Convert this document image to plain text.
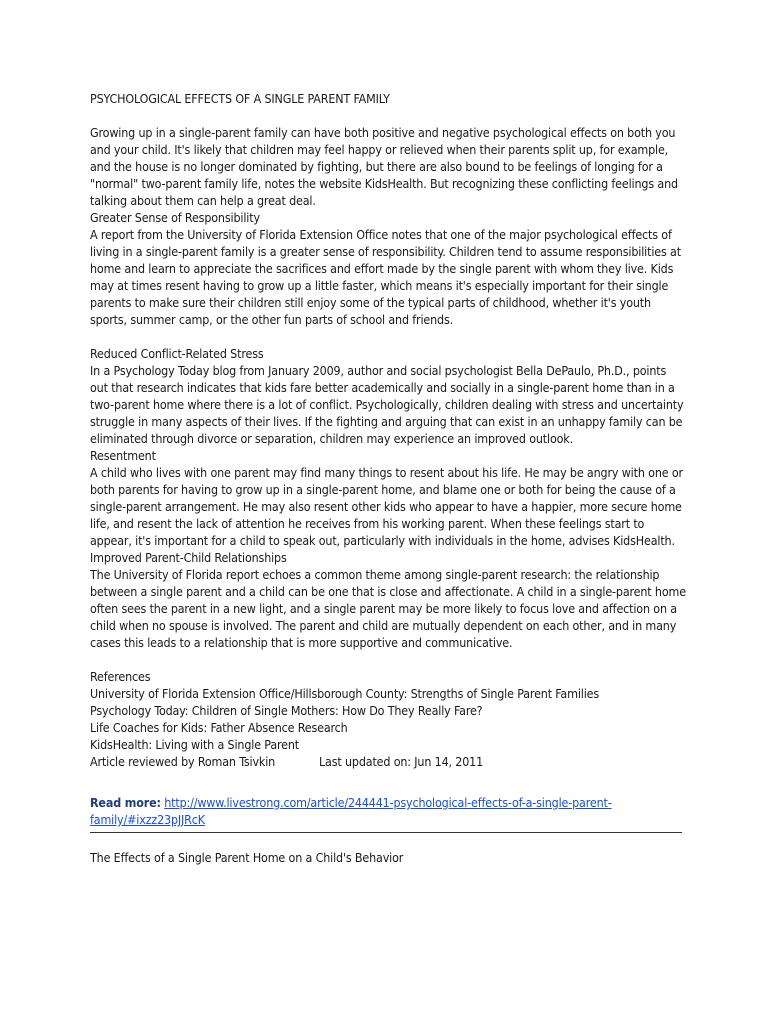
PSYCHOLOGICAL EFFECTS OF A SINGLE PARENT FAMILY

Growing up in a single-parent family can have both positive and negative psychological effects on both you and your child. It's likely that children may feel happy or relieved when their parents split up, for example, and the house is no longer dominated by fighting, but there are also bound to be feelings of longing for a "normal" two-parent family life, notes the website KidsHealth. But recognizing these conflicting feelings and talking about them can help a great deal.

Greater Sense of Responsibility

A report from the University of Florida Extension Office notes that one of the major psychological effects of living in a single-parent family is a greater sense of responsibility. Children tend to assume responsibilities at home and learn to appreciate the sacrifices and effort made by the single parent with whom they live. Kids may at times resent having to grow up a little faster, which means it's especially important for their single parents to make sure their children still enjoy some of the typical parts of childhood, whether it's youth sports, summer camp, or the other fun parts of school and friends.

Reduced Conflict-Related Stress

In a Psychology Today blog from January 2009, author and social psychologist Bella DePaulo, Ph.D., points out that research indicates that kids fare better academically and socially in a single-parent home than in a two-parent home where there is a lot of conflict. Psychologically, children dealing with stress and uncertainty struggle in many aspects of their lives. If the fighting and arguing that can exist in an unhappy family can be eliminated through divorce or separation, children may experience an improved outlook.

Resentment

A child who lives with one parent may find many things to resent about his life. He may be angry with one or both parents for having to grow up in a single-parent home, and blame one or both for being the cause of a single-parent arrangement. He may also resent other kids who appear to have a happier, more secure home life, and resent the lack of attention he receives from his working parent. When these feelings start to appear, it's important for a child to speak out, particularly with individuals in the home, advises KidsHealth.

Improved Parent-Child Relationships

The University of Florida report echoes a common theme among single-parent research: the relationship between a single parent and a child can be one that is close and affectionate. A child in a single-parent home often sees the parent in a new light, and a single parent may be more likely to focus love and affection on a child when no spouse is involved. The parent and child are mutually dependent on each other, and in many cases this leads to a relationship that is more supportive and communicative.

References
University of Florida Extension Office/Hillsborough County: Strengths of Single Parent Families
Psychology Today: Children of Single Mothers: How Do They Really Fare?
Life Coaches for Kids: Father Absence Research
KidsHealth: Living with a Single Parent
Article reviewed by Roman Tsivkin	Last updated on: Jun 14, 2011
Read more: http://www.livestrong.com/article/244441-psychological-effects-of-a-single-parent-family/#ixzz23pJJRcK
The Effects of a Single Parent Home on a Child's Behavior
